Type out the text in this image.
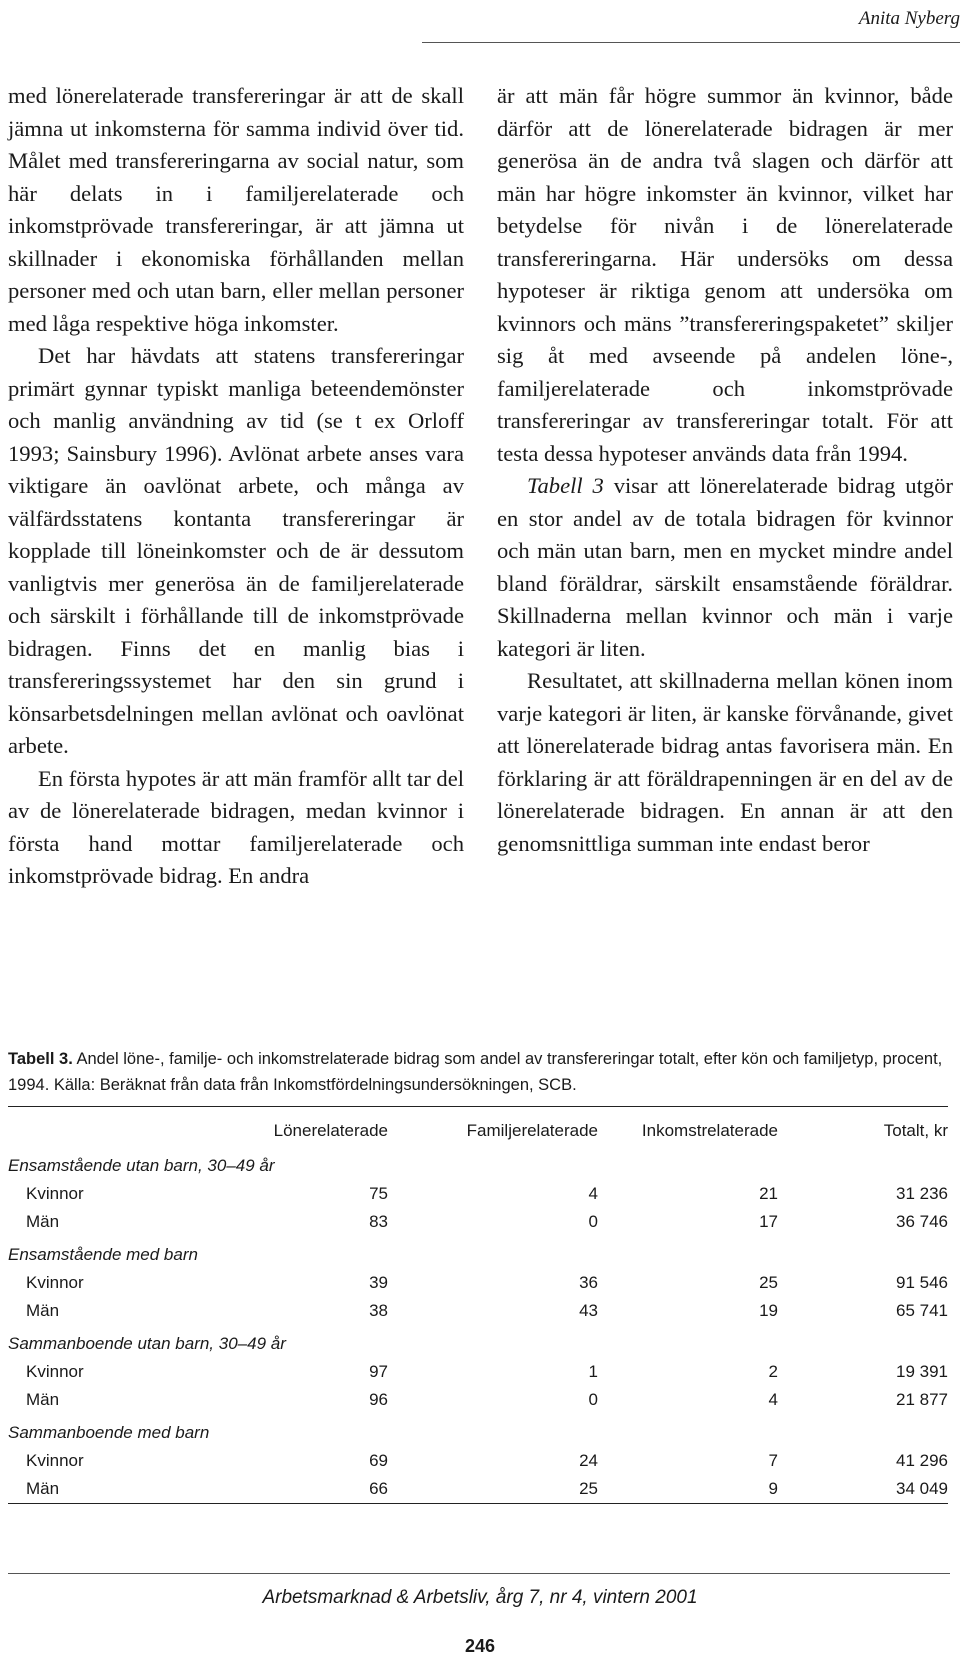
Anita Nyberg

med lönerelaterade transfereringar är att de skall jämna ut inkomsterna för samma individ över tid. Målet med transfereringarna av social natur, som här delats in i familjerelaterade och inkomstprövade transfereringar, är att jämna ut skillnader i ekonomiska förhållanden mellan personer med och utan barn, eller mellan personer med låga respektive höga inkomster.

Det har hävdats att statens transfereringar primärt gynnar typiskt manliga beteendemönster och manlig användning av tid (se t ex Orloff 1993; Sainsbury 1996). Avlönat arbete anses vara viktigare än oavlönat arbete, och många av välfärdsstatens kontanta transfereringar är kopplade till löneinkomster och de är dessutom vanligtvis mer generösa än de familjerelaterade och särskilt i förhållande till de inkomstprövade bidragen. Finns det en manlig bias i transfereringssystemet har den sin grund i könsarbetsdelningen mellan avlönat och oavlönat arbete.

En första hypotes är att män framför allt tar del av de lönerelaterade bidragen, medan kvinnor i första hand mottar familjerelaterade och inkomstprövade bidrag. En andra

är att män får högre summor än kvinnor, både därför att de lönerelaterade bidragen är mer generösa än de andra två slagen och därför att män har högre inkomster än kvinnor, vilket har betydelse för nivån i de lönerelaterade transfereringarna. Här undersöks om dessa hypoteser är riktiga genom att undersöka om kvinnors och mäns ”transfereringspaketet” skiljer sig åt med avseende på andelen löne-, familjerelaterade och inkomstprövade transfereringar av transfereringar totalt. För att testa dessa hypoteser används data från 1994.

Tabell 3 visar att lönerelaterade bidrag utgör en stor andel av de totala bidragen för kvinnor och män utan barn, men en mycket mindre andel bland föräldrar, särskilt ensamstående föräldrar. Skillnaderna mellan kvinnor och män i varje kategori är liten.

Resultatet, att skillnaderna mellan könen inom varje kategori är liten, är kanske förvånande, givet att lönerelaterade bidrag antas favorisera män. En förklaring är att föräldrapenningen är en del av de lönerelaterade bidragen. En annan är att den genomsnittliga summan inte endast beror

Tabell 3. Andel löne-, familje- och inkomstrelaterade bidrag som andel av transfereringar totalt, efter kön och familjetyp, procent, 1994. Källa: Beräknat från data från Inkomstfördelningsundersökningen, SCB.

	Lönerelaterade	Familjerelaterade	Inkomstrelaterade	Totalt, kr
Ensamstående utan barn, 30–49 år				
Kvinnor	75	4	21	31 236
Män	83	0	17	36 746
Ensamstående med barn				
Kvinnor	39	36	25	91 546
Män	38	43	19	65 741
Sammanboende utan barn, 30–49 år				
Kvinnor	97	1	2	19 391
Män	96	0	4	21 877
Sammanboende med barn				
Kvinnor	69	24	7	41 296
Män	66	25	9	34 049
Arbetsmarknad & Arbetsliv, årg 7, nr 4, vintern 2001
246
